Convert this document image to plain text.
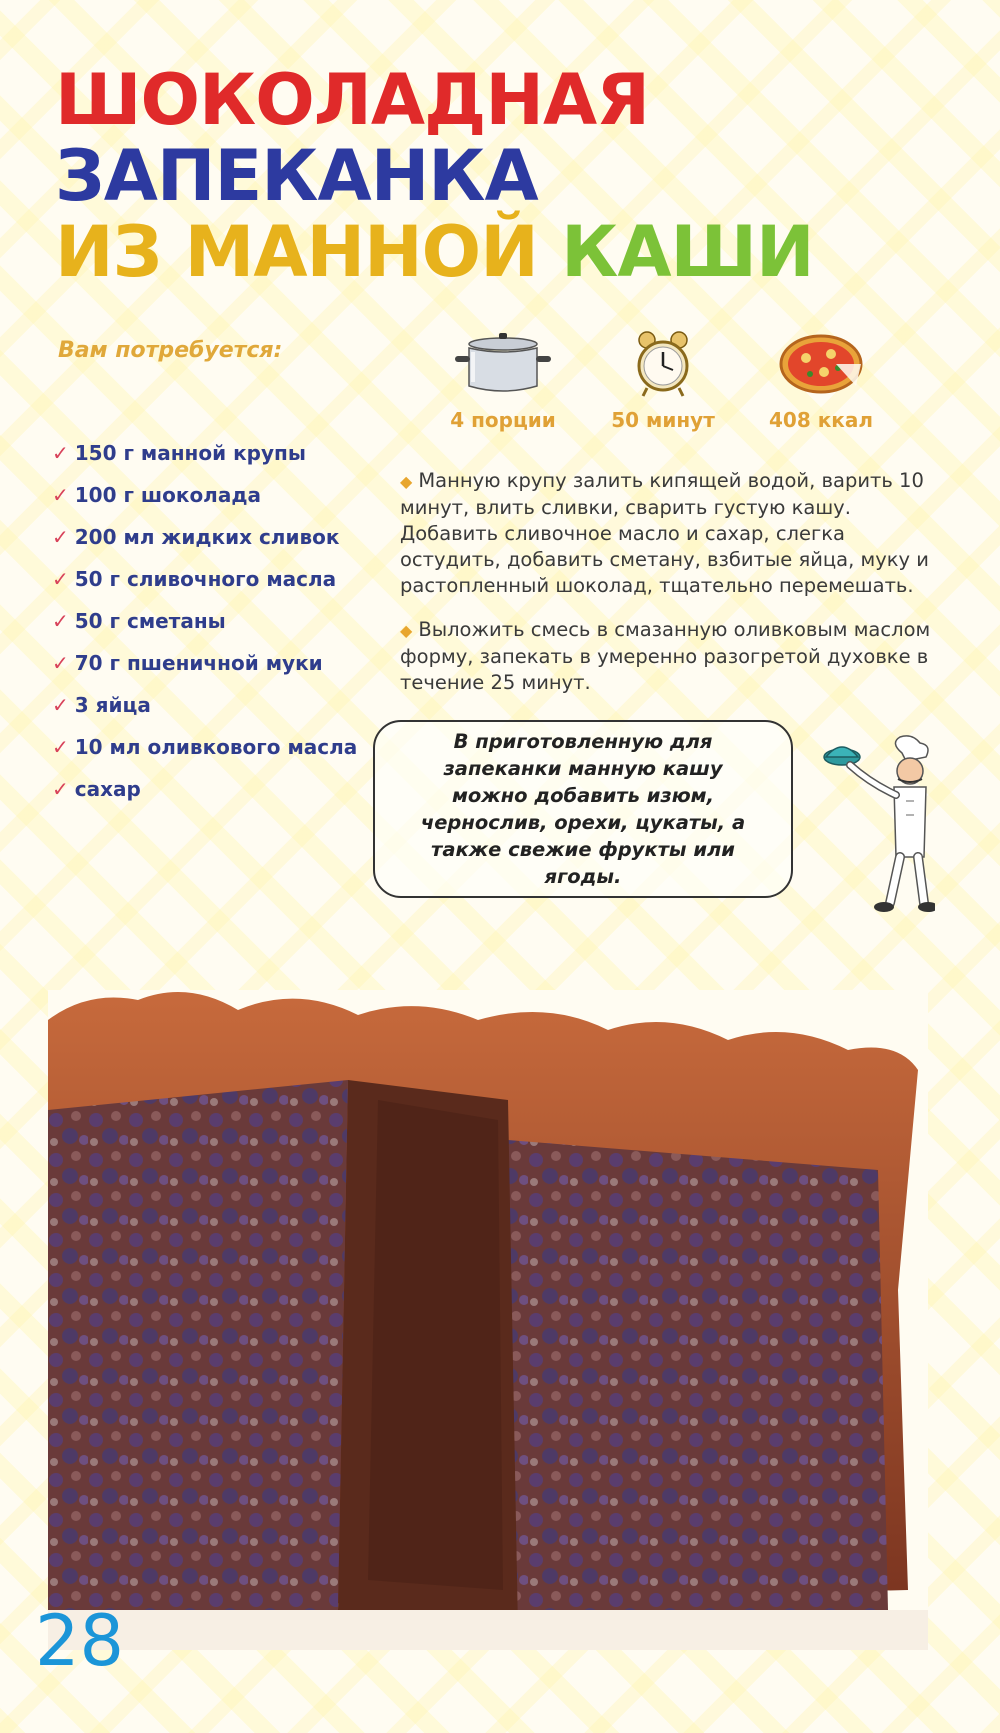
ШОКОЛАДНАЯ
ЗАПЕКАНКА
ИЗ МАННОЙ КАШИ
Вам потребуется:
4 порции	50 минут	408 ккал
✓ 150 г манной крупы
✓ 100 г шоколада
✓ 200 мл жидких сливок
✓ 50 г сливочного масла
✓ 50 г сметаны
✓ 70 г пшеничной муки
✓ 3 яйца
✓ 10 мл оливкового масла
✓ сахар

◆ Манную крупу залить кипящей водой, варить 10 минут, влить сливки, сварить густую кашу. Добавить сливочное масло и сахар, слегка остудить, добавить сметану, взбитые яйца, муку и растопленный шоколад, тщательно перемешать.

◆ Выложить смесь в смазанную оливковым маслом форму, запекать в умеренно разогретой духовке в течение 25 минут.

В приготовленную для запеканки манную кашу можно добавить изюм, чернослив, орехи, цукаты, а также свежие фрукты или ягоды.
28
